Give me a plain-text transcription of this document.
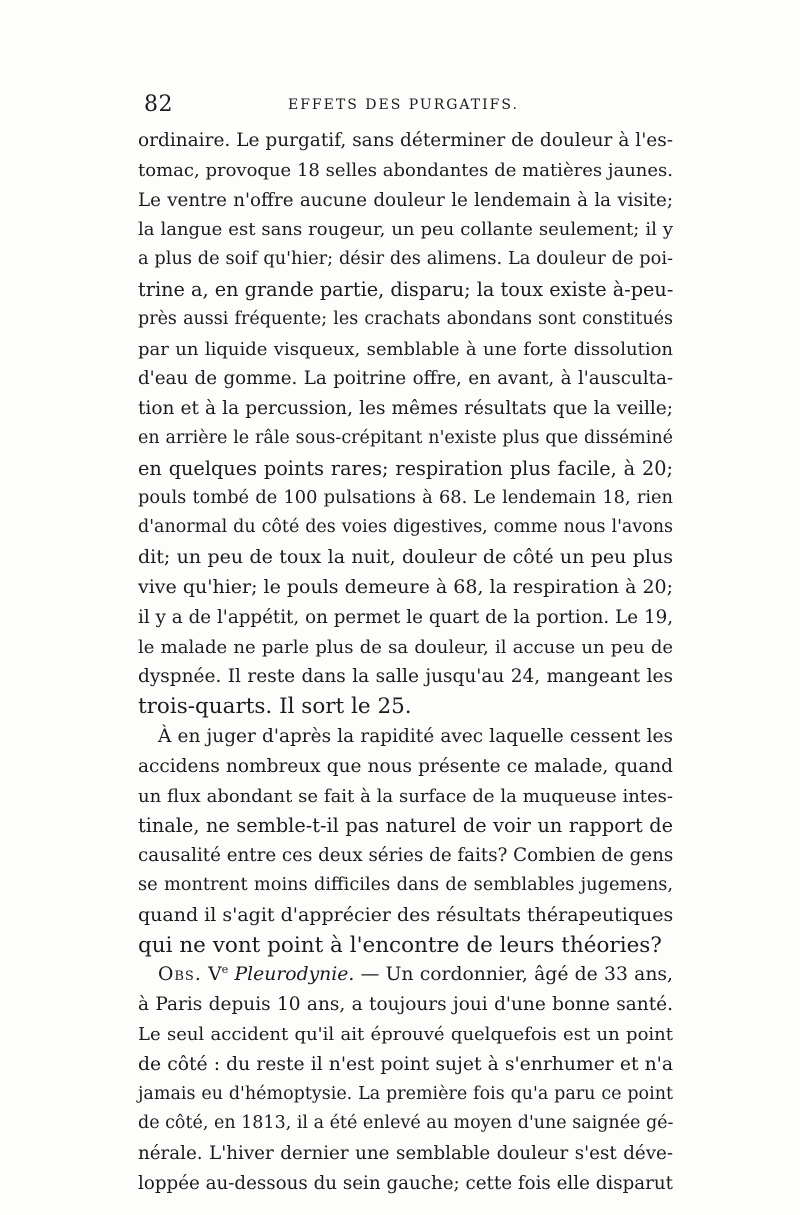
82	EFFETS DES PURGATIFS.
ordinaire. Le purgatif, sans déterminer de douleur à l'es-
tomac, provoque 18 selles abondantes de matières jaunes.
Le ventre n'offre aucune douleur le lendemain à la visite;
la langue est sans rougeur, un peu collante seulement; il y
a plus de soif qu'hier; désir des alimens. La douleur de poi-
trine a, en grande partie, disparu; la toux existe à-peu-
près aussi fréquente; les crachats abondans sont constitués
par un liquide visqueux, semblable à une forte dissolution
d'eau de gomme. La poitrine offre, en avant, à l'ausculta-
tion et à la percussion, les mêmes résultats que la veille;
en arrière le râle sous-crépitant n'existe plus que disséminé
en quelques points rares; respiration plus facile, à 20;
pouls tombé de 100 pulsations à 68. Le lendemain 18, rien
d'anormal du côté des voies digestives, comme nous l'avons
dit; un peu de toux la nuit, douleur de côté un peu plus
vive qu'hier; le pouls demeure à 68, la respiration à 20;
il y a de l'appétit, on permet le quart de la portion. Le 19,
le malade ne parle plus de sa douleur, il accuse un peu de
dyspnée. Il reste dans la salle jusqu'au 24, mangeant les
trois-quarts. Il sort le 25.
À en juger d'après la rapidité avec laquelle cessent les
accidens nombreux que nous présente ce malade, quand
un flux abondant se fait à la surface de la muqueuse intes-
tinale, ne semble-t-il pas naturel de voir un rapport de
causalité entre ces deux séries de faits? Combien de gens
se montrent moins difficiles dans de semblables jugemens,
quand il s'agit d'apprécier des résultats thérapeutiques
qui ne vont point à l'encontre de leurs théories?
Obs. Ve Pleurodynie. — Un cordonnier, âgé de 33 ans,
à Paris depuis 10 ans, a toujours joui d'une bonne santé.
Le seul accident qu'il ait éprouvé quelquefois est un point
de côté : du reste il n'est point sujet à s'enrhumer et n'a
jamais eu d'hémoptysie. La première fois qu'a paru ce point
de côté, en 1813, il a été enlevé au moyen d'une saignée gé-
nérale. L'hiver dernier une semblable douleur s'est déve-
loppée au-dessous du sein gauche; cette fois elle disparut
